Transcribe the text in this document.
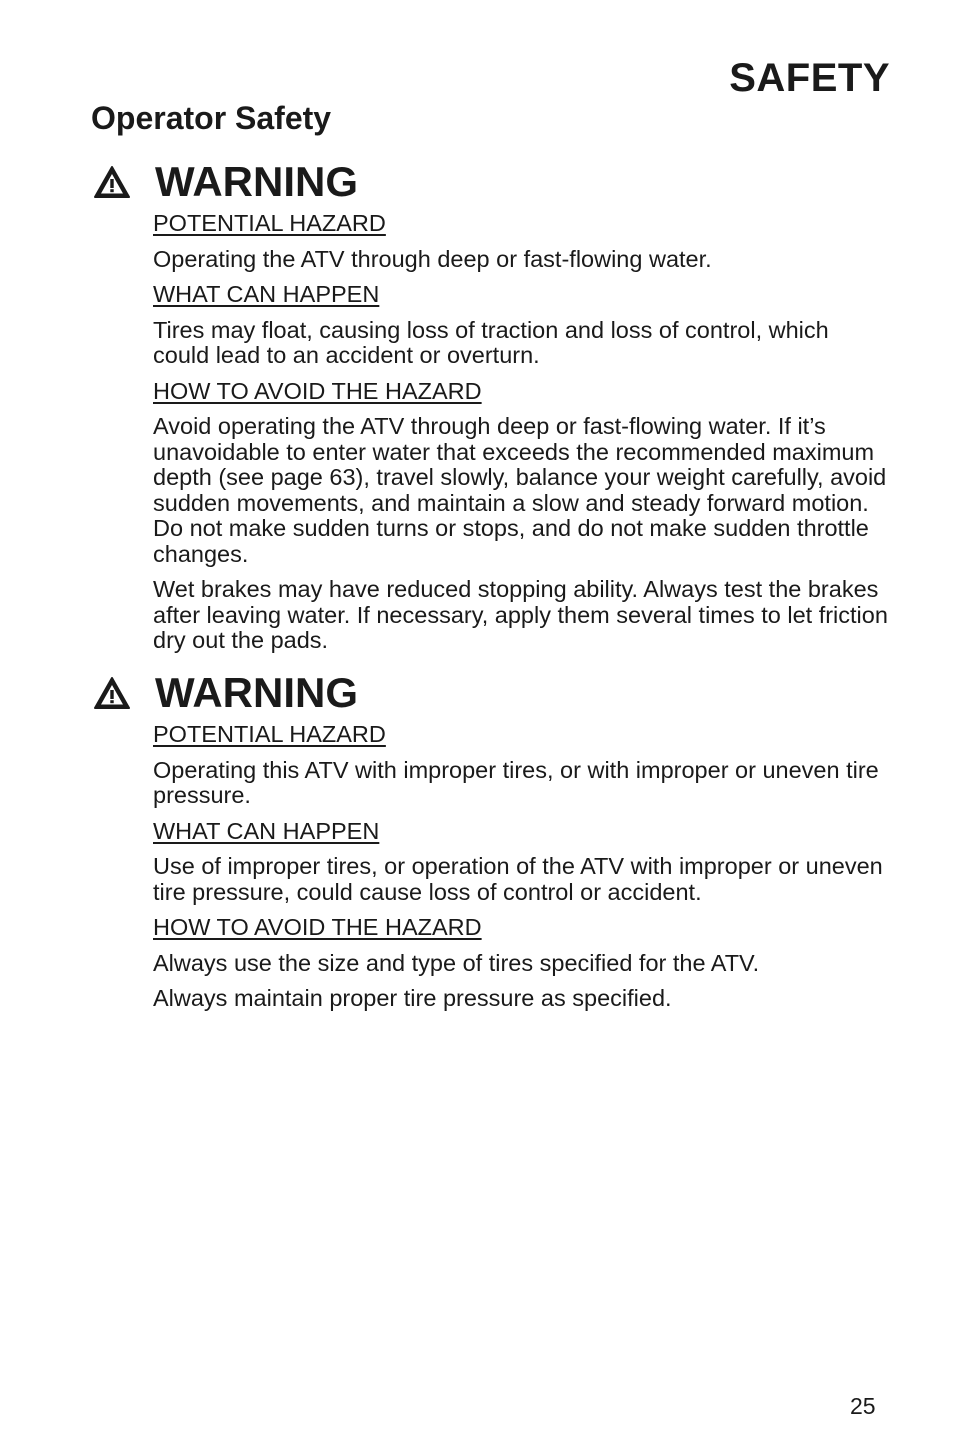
SAFETY
Operator Safety
WARNING

POTENTIAL HAZARD

Operating the ATV through deep or fast-flowing water.

WHAT CAN HAPPEN

Tires may float, causing loss of traction and loss of control, which could lead to an accident or overturn.

HOW TO AVOID THE HAZARD

Avoid operating the ATV through deep or fast-flowing water. If it’s unavoidable to enter water that exceeds the recommended maximum depth (see page 63), travel slowly, balance your weight carefully, avoid sudden movements, and maintain a slow and steady forward motion. Do not make sudden turns or stops, and do not make sudden throttle changes.

Wet brakes may have reduced stopping ability. Always test the brakes after leaving water. If necessary, apply them several times to let friction dry out the pads.

WARNING

POTENTIAL HAZARD

Operating this ATV with improper tires, or with improper or uneven tire pressure.

WHAT CAN HAPPEN

Use of improper tires, or operation of the ATV with improper or uneven tire pressure, could cause loss of control or accident.

HOW TO AVOID THE HAZARD

Always use the size and type of tires specified for the ATV.

Always maintain proper tire pressure as specified.

25
